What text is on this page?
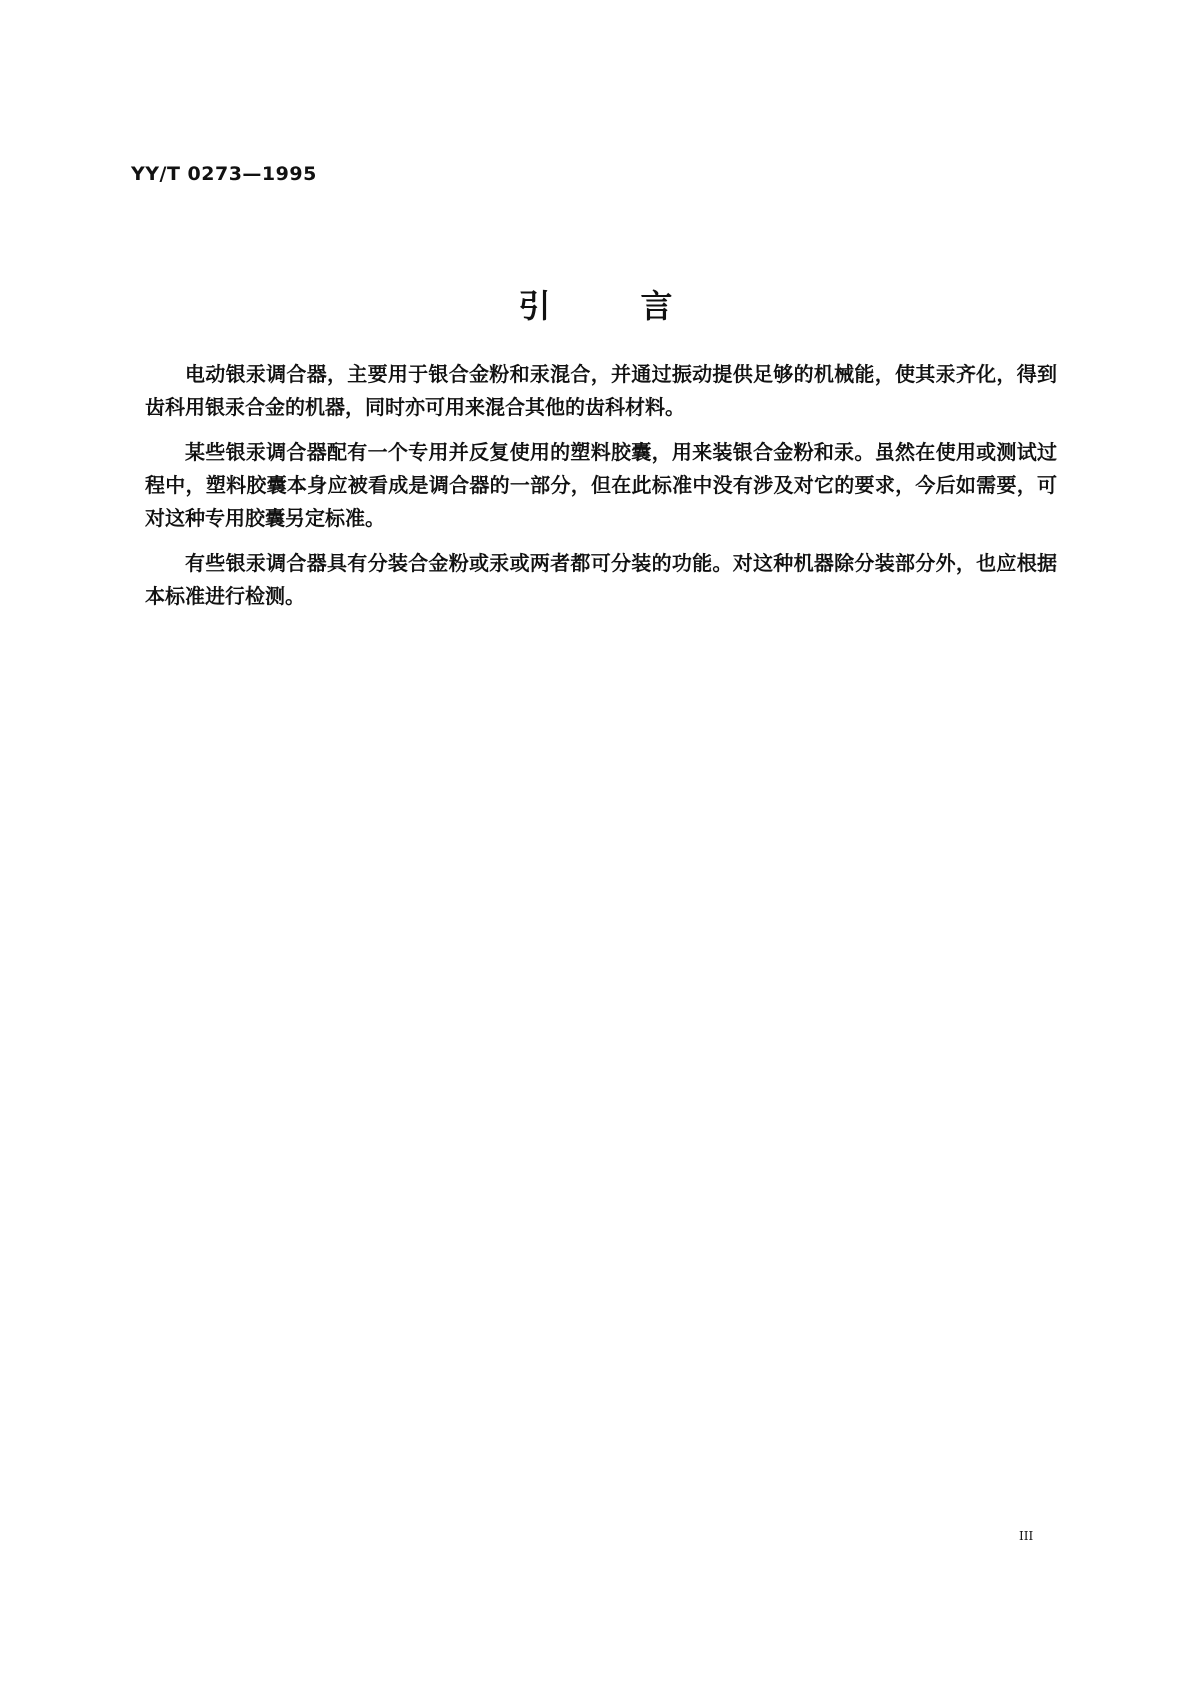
YY/T 0273—1995
引	言

电动银汞调合器，主要用于银合金粉和汞混合，并通过振动提供足够的机械能，使其汞齐化，得到齿科用银汞合金的机器，同时亦可用来混合其他的齿科材料。

某些银汞调合器配有一个专用并反复使用的塑料胶囊，用来装银合金粉和汞。虽然在使用或测试过程中，塑料胶囊本身应被看成是调合器的一部分，但在此标准中没有涉及对它的要求，今后如需要，可对这种专用胶囊另定标准。

有些银汞调合器具有分装合金粉或汞或两者都可分装的功能。对这种机器除分装部分外，也应根据本标准进行检测。

III
